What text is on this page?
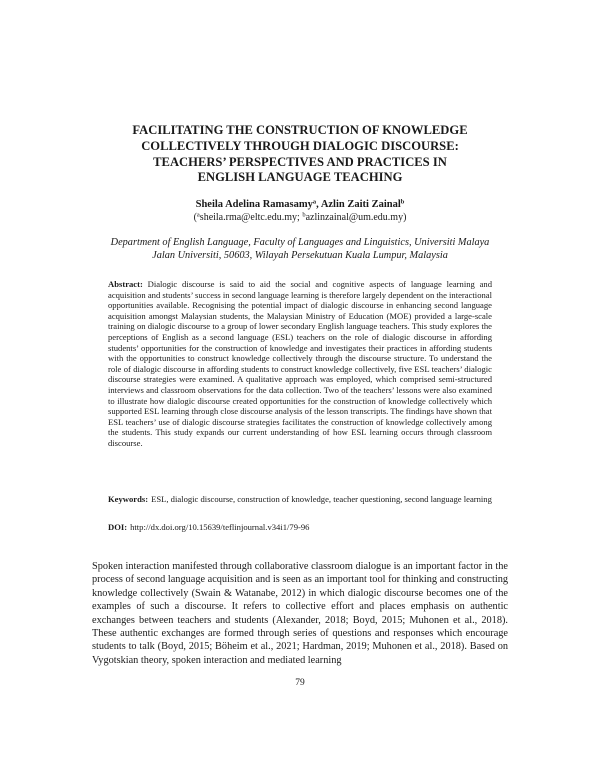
FACILITATING THE CONSTRUCTION OF KNOWLEDGE
COLLECTIVELY THROUGH DIALOGIC DISCOURSE:
TEACHERS’ PERSPECTIVES AND PRACTICES IN
ENGLISH LANGUAGE TEACHING
Sheila Adelina Ramasamy$^a$, Azlin Zaiti Zainal$^b$
($^a$sheila.rma@eltc.edu.my; $^b$azlinzainal@um.edu.my)
Department of English Language, Faculty of Languages and Linguistics, Universiti Malaya
Jalan Universiti, 50603, Wilayah Persekutuan Kuala Lumpur, Malaysia

Abstract: Dialogic discourse is said to aid the social and cognitive aspects of language learning and acquisition and students’ success in second language learning is therefore largely dependent on the interactional opportunities available. Recognising the potential impact of dialogic discourse in enhancing second language acquisition amongst Malaysian students, the Malaysian Ministry of Education (MOE) provided a large-scale training on dialogic discourse to a group of lower secondary English language teachers. This study explores the perceptions of English as a second language (ESL) teachers on the role of dialogic discourse in affording students’ opportunities for the construction of knowledge and investigates their practices in affording students with the opportunities to construct knowledge collectively through the discourse structure. To understand the role of dialogic discourse in affording students to construct knowledge collectively, five ESL teachers’ dialogic discourse strategies were examined. A qualitative approach was employed, which comprised semi-structured interviews and classroom observations for the data collection. Two of the teachers’ lessons were also examined to illustrate how dialogic discourse created opportunities for the construction of knowledge collectively which supported ESL learning through close discourse analysis of the lesson transcripts. The findings have shown that ESL teachers’ use of dialogic discourse strategies facilitates the construction of knowledge collectively among the students. This study expands our current understanding of how ESL learning occurs through classroom discourse.

Keywords: ESL, dialogic discourse, construction of knowledge, teacher questioning, second language learning
DOI: http://dx.doi.org/10.15639/teflinjournal.v34i1/79-96

Spoken interaction manifested through collaborative classroom dialogue is an important factor in the process of second language acquisition and is seen as an important tool for thinking and constructing knowledge collectively (Swain & Watanabe, 2012) in which dialogic discourse becomes one of the examples of such a discourse. It refers to collective effort and places emphasis on authentic exchanges between teachers and students (Alexander, 2018; Boyd, 2015; Muhonen et al., 2018). These authentic exchanges are formed through series of questions and responses which encourage students to talk (Boyd, 2015; Böheim et al., 2021; Hardman, 2019; Muhonen et al., 2018). Based on Vygotskian theory, spoken interaction and mediated learning

79
